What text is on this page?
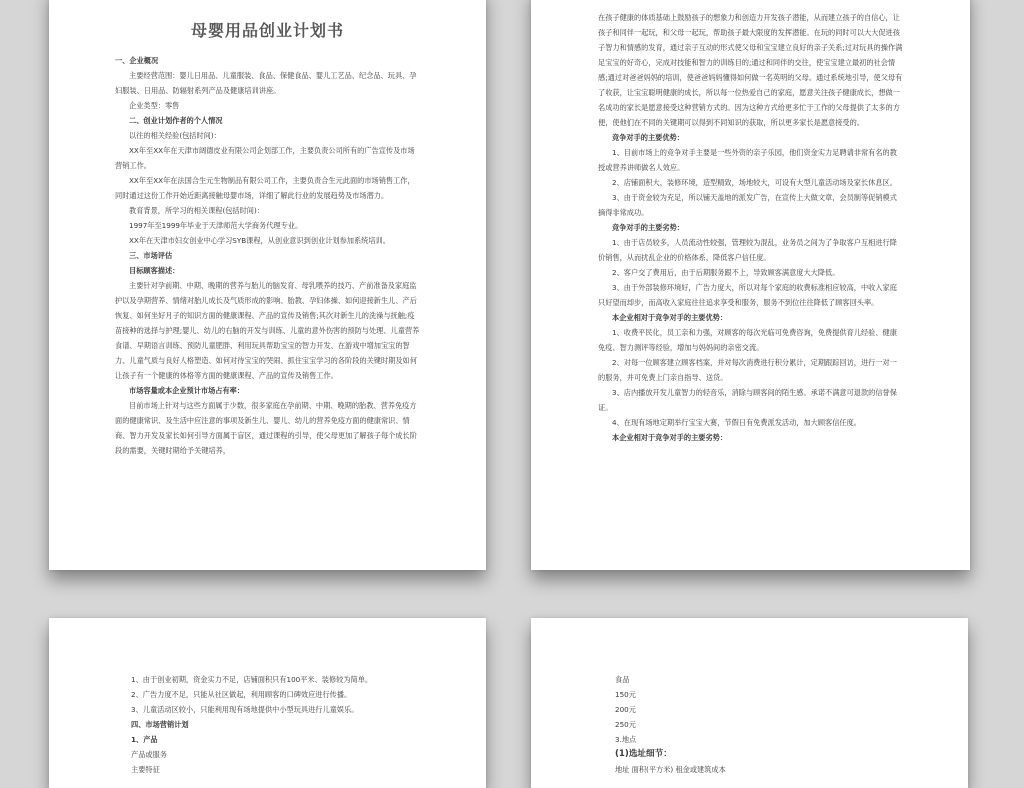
母婴用品创业计划书

一、企业概况

主要经营范围：婴儿日用品、儿童服装、食品、保健食品、婴儿工艺品、纪念品、玩具、孕妇服装、日用品、防辐射系列产品及健康培训讲座。

企业类型：零售

二、创业计划作者的个人情况

以往的相关经验(包括时间)：

XX年至XX年在天津市阔德皮业有限公司企划部工作，主要负责公司所有的广告宣传及市场营销工作。

XX年至XX年在法国合生元生物制品有限公司工作，主要负责合生元此面的市场销售工作，同时通过这份工作开始近距离接触母婴市场，详细了解此行业的发展趋势及市场潜力。

教育背景，所学习的相关课程(包括时间)：

1997年至1999年毕业于天津师范大学商务代理专业。

XX年在天津市妇女创业中心学习SYB课程，从创业意识到创业计划参加系统培训。

三、市场评估

目标顾客描述：

主要针对孕前期、中期、晚期的营养与胎儿的脑发育、母乳喂养的技巧、产前准备及家庭监护以及孕期营养、情绪对胎儿成长及气质形成的影响、胎教、孕妇体操、如何迎接新生儿、产后恢复、如何坐好月子的知识方面的健康课程、产品的宣传及销售;其次对新生儿的洗澡与抚触;疫苗接种的选择与护理;婴儿、幼儿的右脑的开发与训练、儿童的意外伤害的预防与处理、儿童营养食谱、早期语言训练、预防儿童肥胖、利用玩具帮助宝宝的智力开发、在游戏中增加宝宝的智力、儿童气质与良好人格塑造、如何对待宝宝的哭闹、抓住宝宝学习的各阶段的关键时期及如何让孩子有一个健康的体格等方面的健康课程、产品的宣传及销售工作。

市场容量或本企业预计市场占有率：

目前市场上针对与这些方面属于少数，很多家庭在孕前期、中期、晚期的胎教、营养免疫方面的健康常识、及生活中应注意的事项及新生儿、婴儿、幼儿的营养免疫方面的健康常识、情商、智力开发及家长如何引导方面属于盲区，通过课程的引导，使父母更加了解孩子每个成长阶段的需要，关键时期给予关键培养，

在孩子健康的体质基础上鼓励孩子的想象力和创造力开发孩子潜能，从而建立孩子的自信心，让孩子和同伴一起玩，和父母一起玩，帮助孩子最大限度的发挥潜能。在玩的同时可以大大促进孩子智力和情感的发育，通过亲子互动的形式使父母和宝宝建立良好的亲子关系;过对玩具的操作满足宝宝的好奇心，完成对技能和智力的训练目的;通过和同伴的交往，使宝宝建立最初的社会情感;通过对爸爸妈妈的培训，使爸爸妈妈懂得如何做一名英明的父母。通过系统地引导，使父母有了收获，让宝宝聪明健康的成长，所以每一位热爱自己的家庭，愿意关注孩子健康成长，想做一名成功的家长是愿意接受这种营销方式的。因为这种方式给更多忙于工作的父母提供了太多的方便，使他们在不同的关键期可以得到不同知识的获取，所以更多家长是愿意接受的。

竞争对手的主要优势：

1、目前市场上的竞争对手主要是一些外资的亲子乐园，他们资金实力足聘请非常有名的教授或营养讲师做名人效应。

2、店铺面积大，装修环境，造型精致，场地较大，可设有大型儿童活动场及家长休息区。

3、由于资金较为充足，所以铺天盖地的派发广告，在宣传上大做文章，会员制等促销模式摘得非常成功。

竞争对手的主要劣势：

1、由于店员较多，人员流动性较强，管理较为混乱，业务员之间为了争取客户互相进行降价销售，从而扰乱企业的价格体系，降低客户信任度。

2、客户交了费用后，由于后期服务跟不上，导致顾客满意度大大降低。

3、由于外部装修环境好，广告力度大，所以对每个家庭的收费标准相应较高，中收入家庭只好望而却步，而高收入家庭往往追求享受和服务，服务不到位往往降低了顾客回头率。

本企业相对于竞争对手的主要优势：

1、收费平民化，员工亲和力强，对顾客的每次光临可免费咨询，免费提供育儿经验、健康免疫、智力测评等经验，增加与妈妈间的亲密交流。

2、对每一位顾客建立顾客档案，并对每次消费进行积分累计，定期跟踪回访，进行一对一的服务，并可免费上门亲自指导、送货。

3、店内播放开发儿童智力的轻音乐，消除与顾客间的陌生感。承诺不满意可退款的信誉保证。

4、在现有场地定期举行宝宝大赛，节假日有免费派发活动，加大顾客信任度。

本企业相对于竞争对手的主要劣势：

1、由于创业初期，资金实力不足，店铺面积只有100平米、装修较为简单。

2、广告力度不足，只能从社区做起，利用顾客的口碑效应进行传播。

3、儿童活动区较小，只能利用现有场地提供中小型玩具进行儿童娱乐。

四、市场营销计划

1、产品

产品或服务

主要特征

食品

150元

200元

250元

3.地点

(1)选址细节：

地址 面积(平方米) 租金或建筑成本
